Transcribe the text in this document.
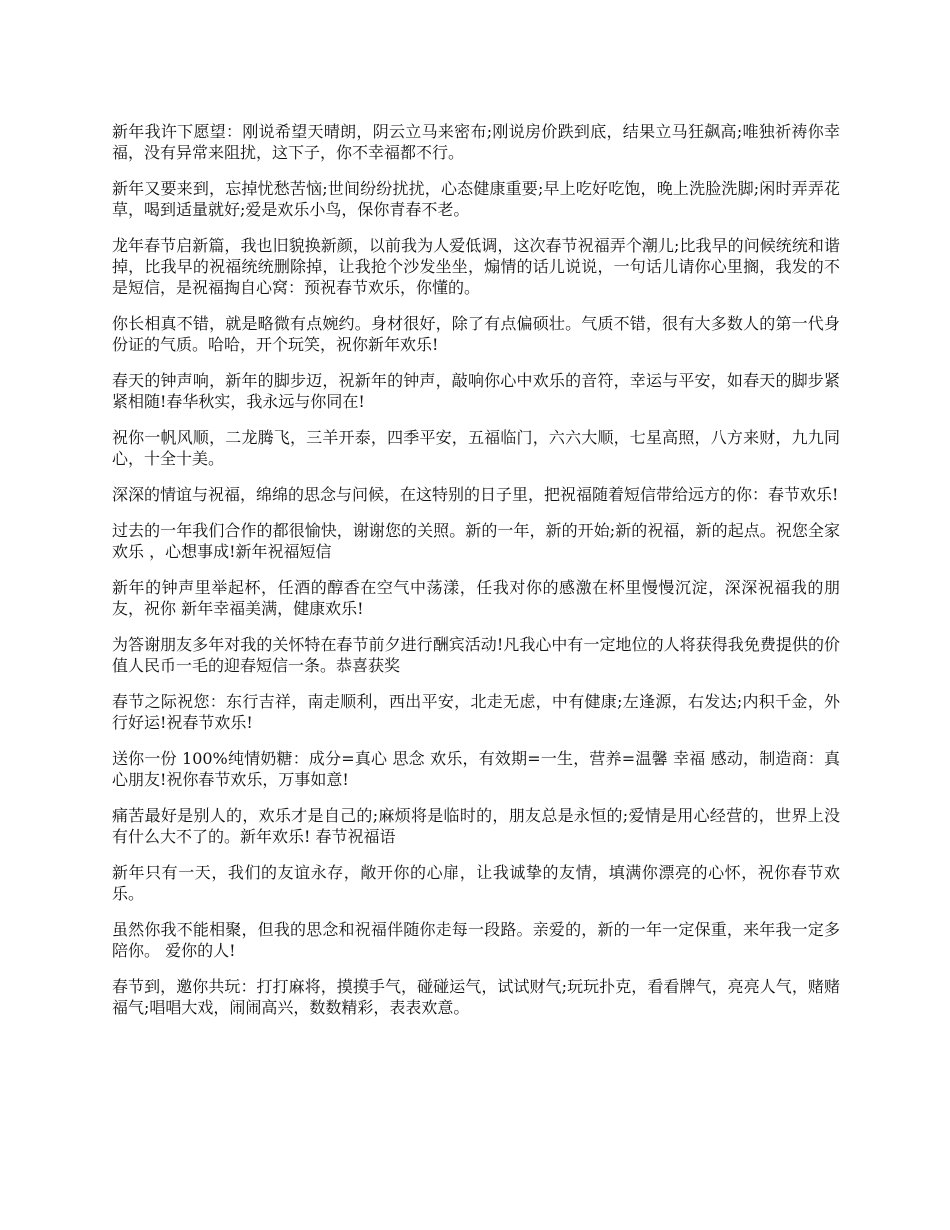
新年我许下愿望：刚说希望天晴朗，阴云立马来密布;刚说房价跌到底，结果立马狂飙高;唯独祈祷你幸福，没有异常来阻扰，这下子，你不幸福都不行。

新年又要来到，忘掉忧愁苦恼;世间纷纷扰扰，心态健康重要;早上吃好吃饱，晚上洗脸洗脚;闲时弄弄花草，喝到适量就好;爱是欢乐小鸟，保你青春不老。

龙年春节启新篇，我也旧貌换新颜，以前我为人爱低调，这次春节祝福弄个潮儿;比我早的问候统统和谐掉，比我早的祝福统统删除掉，让我抢个沙发坐坐，煽情的话儿说说，一句话儿请你心里搁，我发的不是短信，是祝福掏自心窝：预祝春节欢乐，你懂的。

你长相真不错，就是略微有点婉约。身材很好，除了有点偏硕壮。气质不错，很有大多数人的第一代身份证的气质。哈哈，开个玩笑，祝你新年欢乐!

春天的钟声响，新年的脚步迈，祝新年的钟声，敲响你心中欢乐的音符，幸运与平安，如春天的脚步紧紧相随!春华秋实，我永远与你同在!

祝你一帆风顺，二龙腾飞，三羊开泰，四季平安，五福临门，六六大顺，七星高照，八方来财，九九同心，十全十美。

深深的情谊与祝福，绵绵的思念与问候，在这特别的日子里，把祝福随着短信带给远方的你：春节欢乐!

过去的一年我们合作的都很愉快，谢谢您的关照。新的一年，新的开始;新的祝福，新的起点。祝您全家欢乐 ，心想事成!新年祝福短信

新年的钟声里举起杯，任酒的醇香在空气中荡漾，任我对你的感激在杯里慢慢沉淀，深深祝福我的朋友，祝你 新年幸福美满，健康欢乐!

为答谢朋友多年对我的关怀特在春节前夕进行酬宾活动!凡我心中有一定地位的人将获得我免费提供的价值人民币一毛的迎春短信一条。恭喜获奖

春节之际祝您：东行吉祥，南走顺利，西出平安，北走无虑，中有健康;左逢源，右发达;内积千金，外行好运!祝春节欢乐!

送你一份 100%纯情奶糖：成分=真心 思念 欢乐，有效期=一生，营养=温馨 幸福 感动，制造商：真心朋友!祝你春节欢乐，万事如意!

痛苦最好是别人的，欢乐才是自己的;麻烦将是临时的，朋友总是永恒的;爱情是用心经营的，世界上没有什么大不了的。新年欢乐! 春节祝福语

新年只有一天，我们的友谊永存，敞开你的心扉，让我诚挚的友情，填满你漂亮的心怀，祝你春节欢乐。

虽然你我不能相聚，但我的思念和祝福伴随你走每一段路。亲爱的，新的一年一定保重，来年我一定多陪你。 爱你的人!

春节到，邀你共玩：打打麻将，摸摸手气，碰碰运气，试试财气;玩玩扑克，看看牌气，亮亮人气，赌赌福气;唱唱大戏，闹闹高兴，数数精彩，表表欢意。
